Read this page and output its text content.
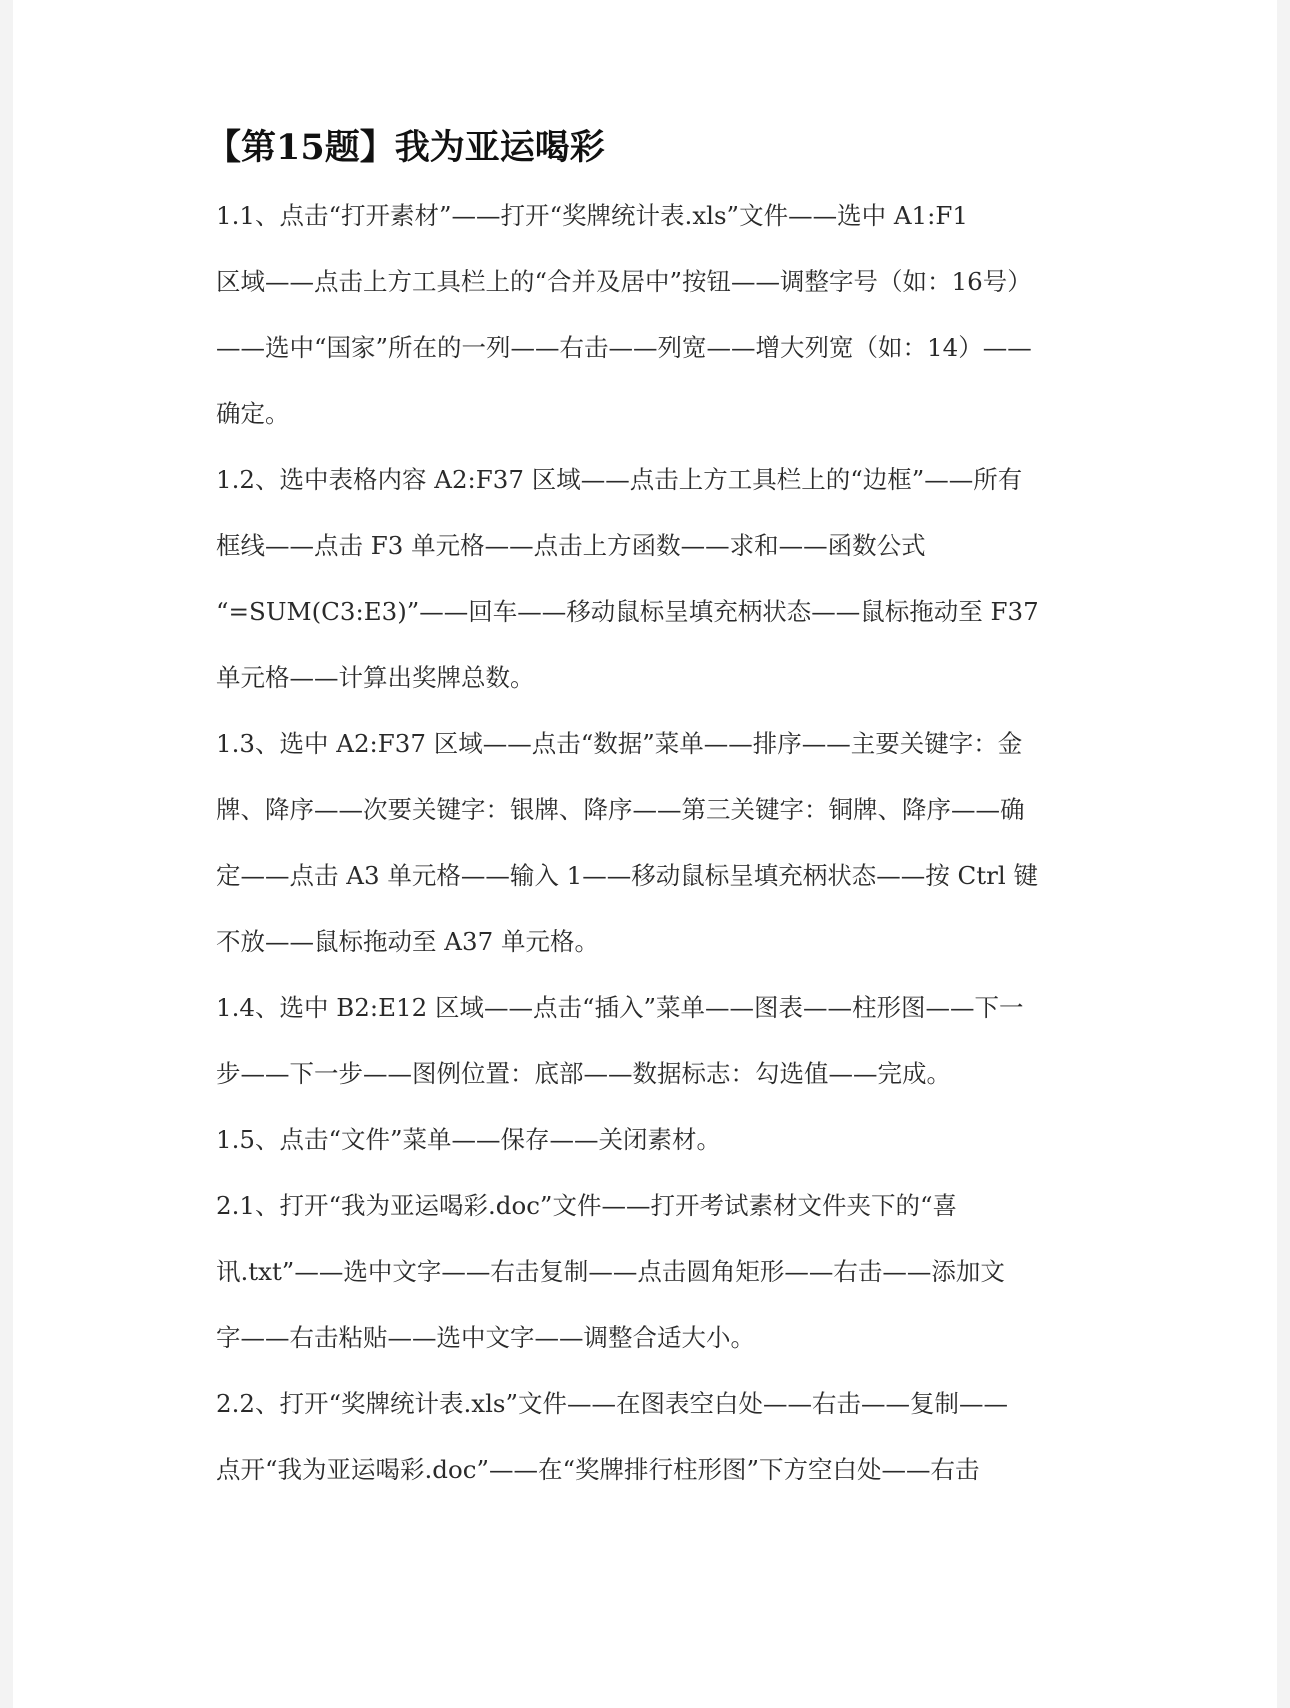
【第15题】我为亚运喝彩

1.1、点击“打开素材”——打开“奖牌统计表.xls”文件——选中 A1:F1

区域——点击上方工具栏上的“合并及居中”按钮——调整字号（如：16号）

——选中“国家”所在的一列——右击——列宽——增大列宽（如：14）——

确定。

1.2、选中表格内容 A2:F37 区域——点击上方工具栏上的“边框”——所有

框线——点击 F3 单元格——点击上方函数——求和——函数公式

“=SUM(C3:E3)”——回车——移动鼠标呈填充柄状态——鼠标拖动至 F37

单元格——计算出奖牌总数。

1.3、选中 A2:F37 区域——点击“数据”菜单——排序——主要关键字：金

牌、降序——次要关键字：银牌、降序——第三关键字：铜牌、降序——确

定——点击 A3 单元格——输入 1——移动鼠标呈填充柄状态——按 Ctrl 键

不放——鼠标拖动至 A37 单元格。

1.4、选中 B2:E12 区域——点击“插入”菜单——图表——柱形图——下一

步——下一步——图例位置：底部——数据标志：勾选值——完成。

1.5、点击“文件”菜单——保存——关闭素材。

2.1、打开“我为亚运喝彩.doc”文件——打开考试素材文件夹下的“喜

讯.txt”——选中文字——右击复制——点击圆角矩形——右击——添加文

字——右击粘贴——选中文字——调整合适大小。

2.2、打开“奖牌统计表.xls”文件——在图表空白处——右击——复制——

点开“我为亚运喝彩.doc”——在“奖牌排行柱形图”下方空白处——右击
